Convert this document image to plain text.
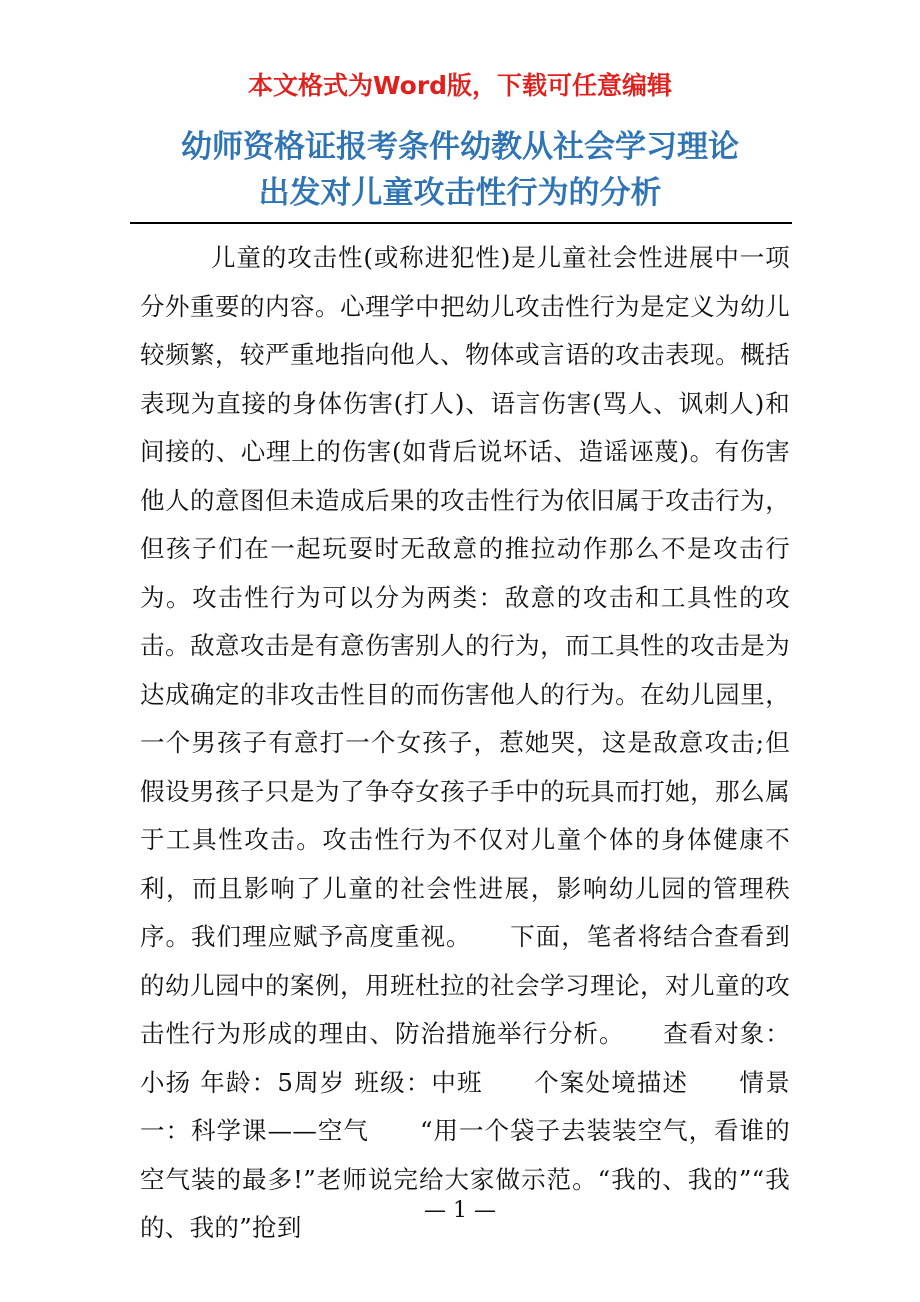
本文格式为Word版，下载可任意编辑
幼师资格证报考条件幼教从社会学习理论
出发对儿童攻击性行为的分析
儿童的攻击性(或称进犯性)是儿童社会性进展中一项分外重要的内容。心理学中把幼儿攻击性行为是定义为幼儿较频繁，较严重地指向他人、物体或言语的攻击表现。概括表现为直接的身体伤害(打人)、语言伤害(骂人、讽刺人)和间接的、心理上的伤害(如背后说坏话、造谣诬蔑)。有伤害他人的意图但未造成后果的攻击性行为依旧属于攻击行为，但孩子们在一起玩耍时无敌意的推拉动作那么不是攻击行为。攻击性行为可以分为两类：敌意的攻击和工具性的攻击。敌意攻击是有意伤害别人的行为，而工具性的攻击是为达成确定的非攻击性目的而伤害他人的行为。在幼儿园里，一个男孩子有意打一个女孩子，惹她哭，这是敌意攻击;但假设男孩子只是为了争夺女孩子手中的玩具而打她，那么属于工具性攻击。攻击性行为不仅对儿童个体的身体健康不利，而且影响了儿童的社会性进展，影响幼儿园的管理秩序。我们理应赋予高度重视。　　下面，笔者将结合查看到的幼儿园中的案例，用班杜拉的社会学习理论，对儿童的攻击性行为形成的理由、防治措施举行分析。　　查看对象：小扬 年龄：5周岁 班级：中班　　个案处境描述　　情景一：科学课——空气　　“用一个袋子去装装空气，看谁的空气装的最多!”老师说完给大家做示范。“我的、我的”“我的、我的”抢到
— 1 —
